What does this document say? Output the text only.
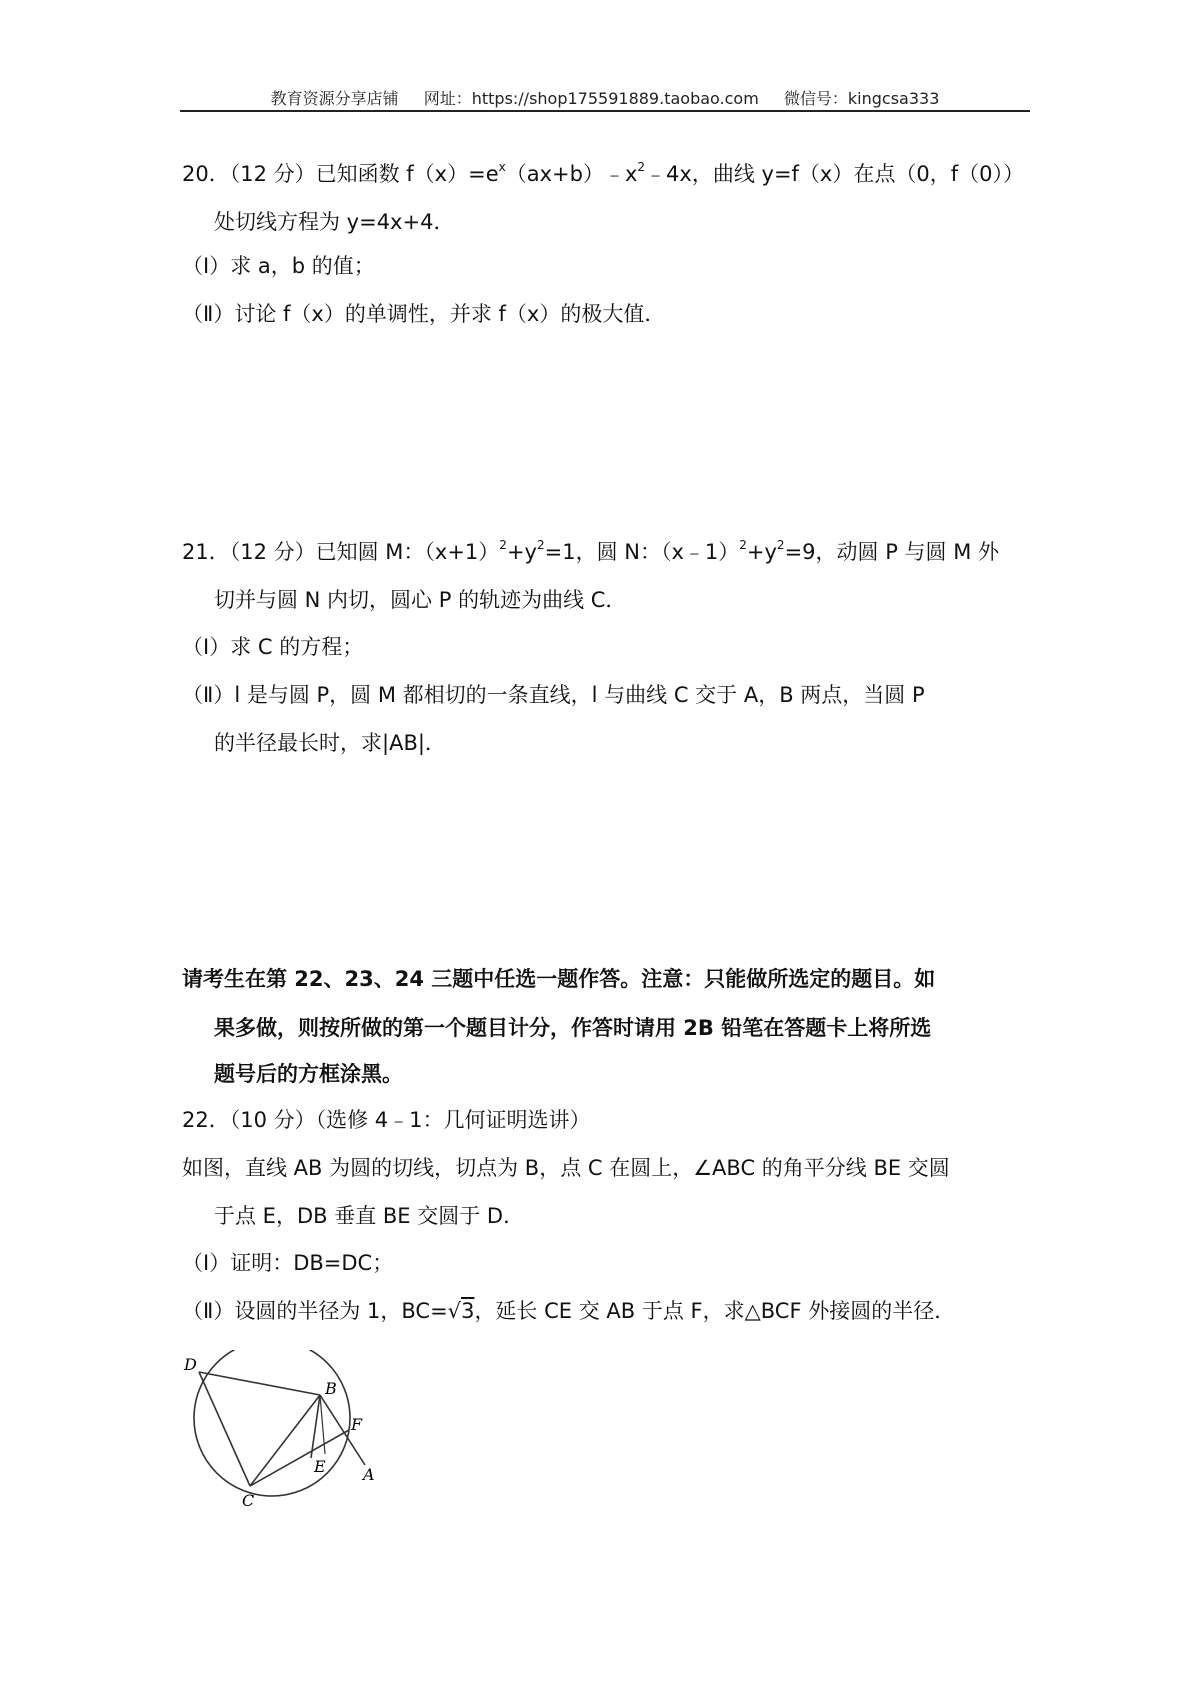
教育资源分享店铺 网址：https://shop175591889.taobao.com 微信号：kingcsa333
20．（12 分）已知函数 $f(x)=e^x(ax+b)﹣x^2﹣4x$，曲线 y=f（x）在点（0，f（0））
处切线方程为 y=4x+4．
（Ⅰ）求 a，b 的值；
（Ⅱ）讨论 f（x）的单调性，并求 f（x）的极大值．
21．（12 分）已知圆 M：$(x+1)^2+y^2=1$，圆 N：$(x﹣1)^2+y^2=9$，动圆 P 与圆 M 外
切并与圆 N 内切，圆心 P 的轨迹为曲线 C．
（Ⅰ）求 C 的方程；
（Ⅱ）l 是与圆 P，圆 M 都相切的一条直线，l 与曲线 C 交于 A，B 两点，当圆 P
的半径最长时，求|AB|．
请考生在第 22、23、24 三题中任选一题作答。注意：只能做所选定的题目。如
果多做，则按所做的第一个题目计分，作答时请用 2B 铅笔在答题卡上将所选
题号后的方框涂黑。
22．（10 分）（选修 4﹣1：几何证明选讲）
如图，直线 AB 为圆的切线，切点为 B，点 C 在圆上，∠ABC 的角平分线 BE 交圆
于点 E，DB 垂直 BE 交圆于 D．
（Ⅰ）证明：DB=DC；
（Ⅱ）设圆的半径为 1，BC=√3，延长 CE 交 AB 于点 F，求△BCF 外接圆的半径．
D
B
F
E A
C
